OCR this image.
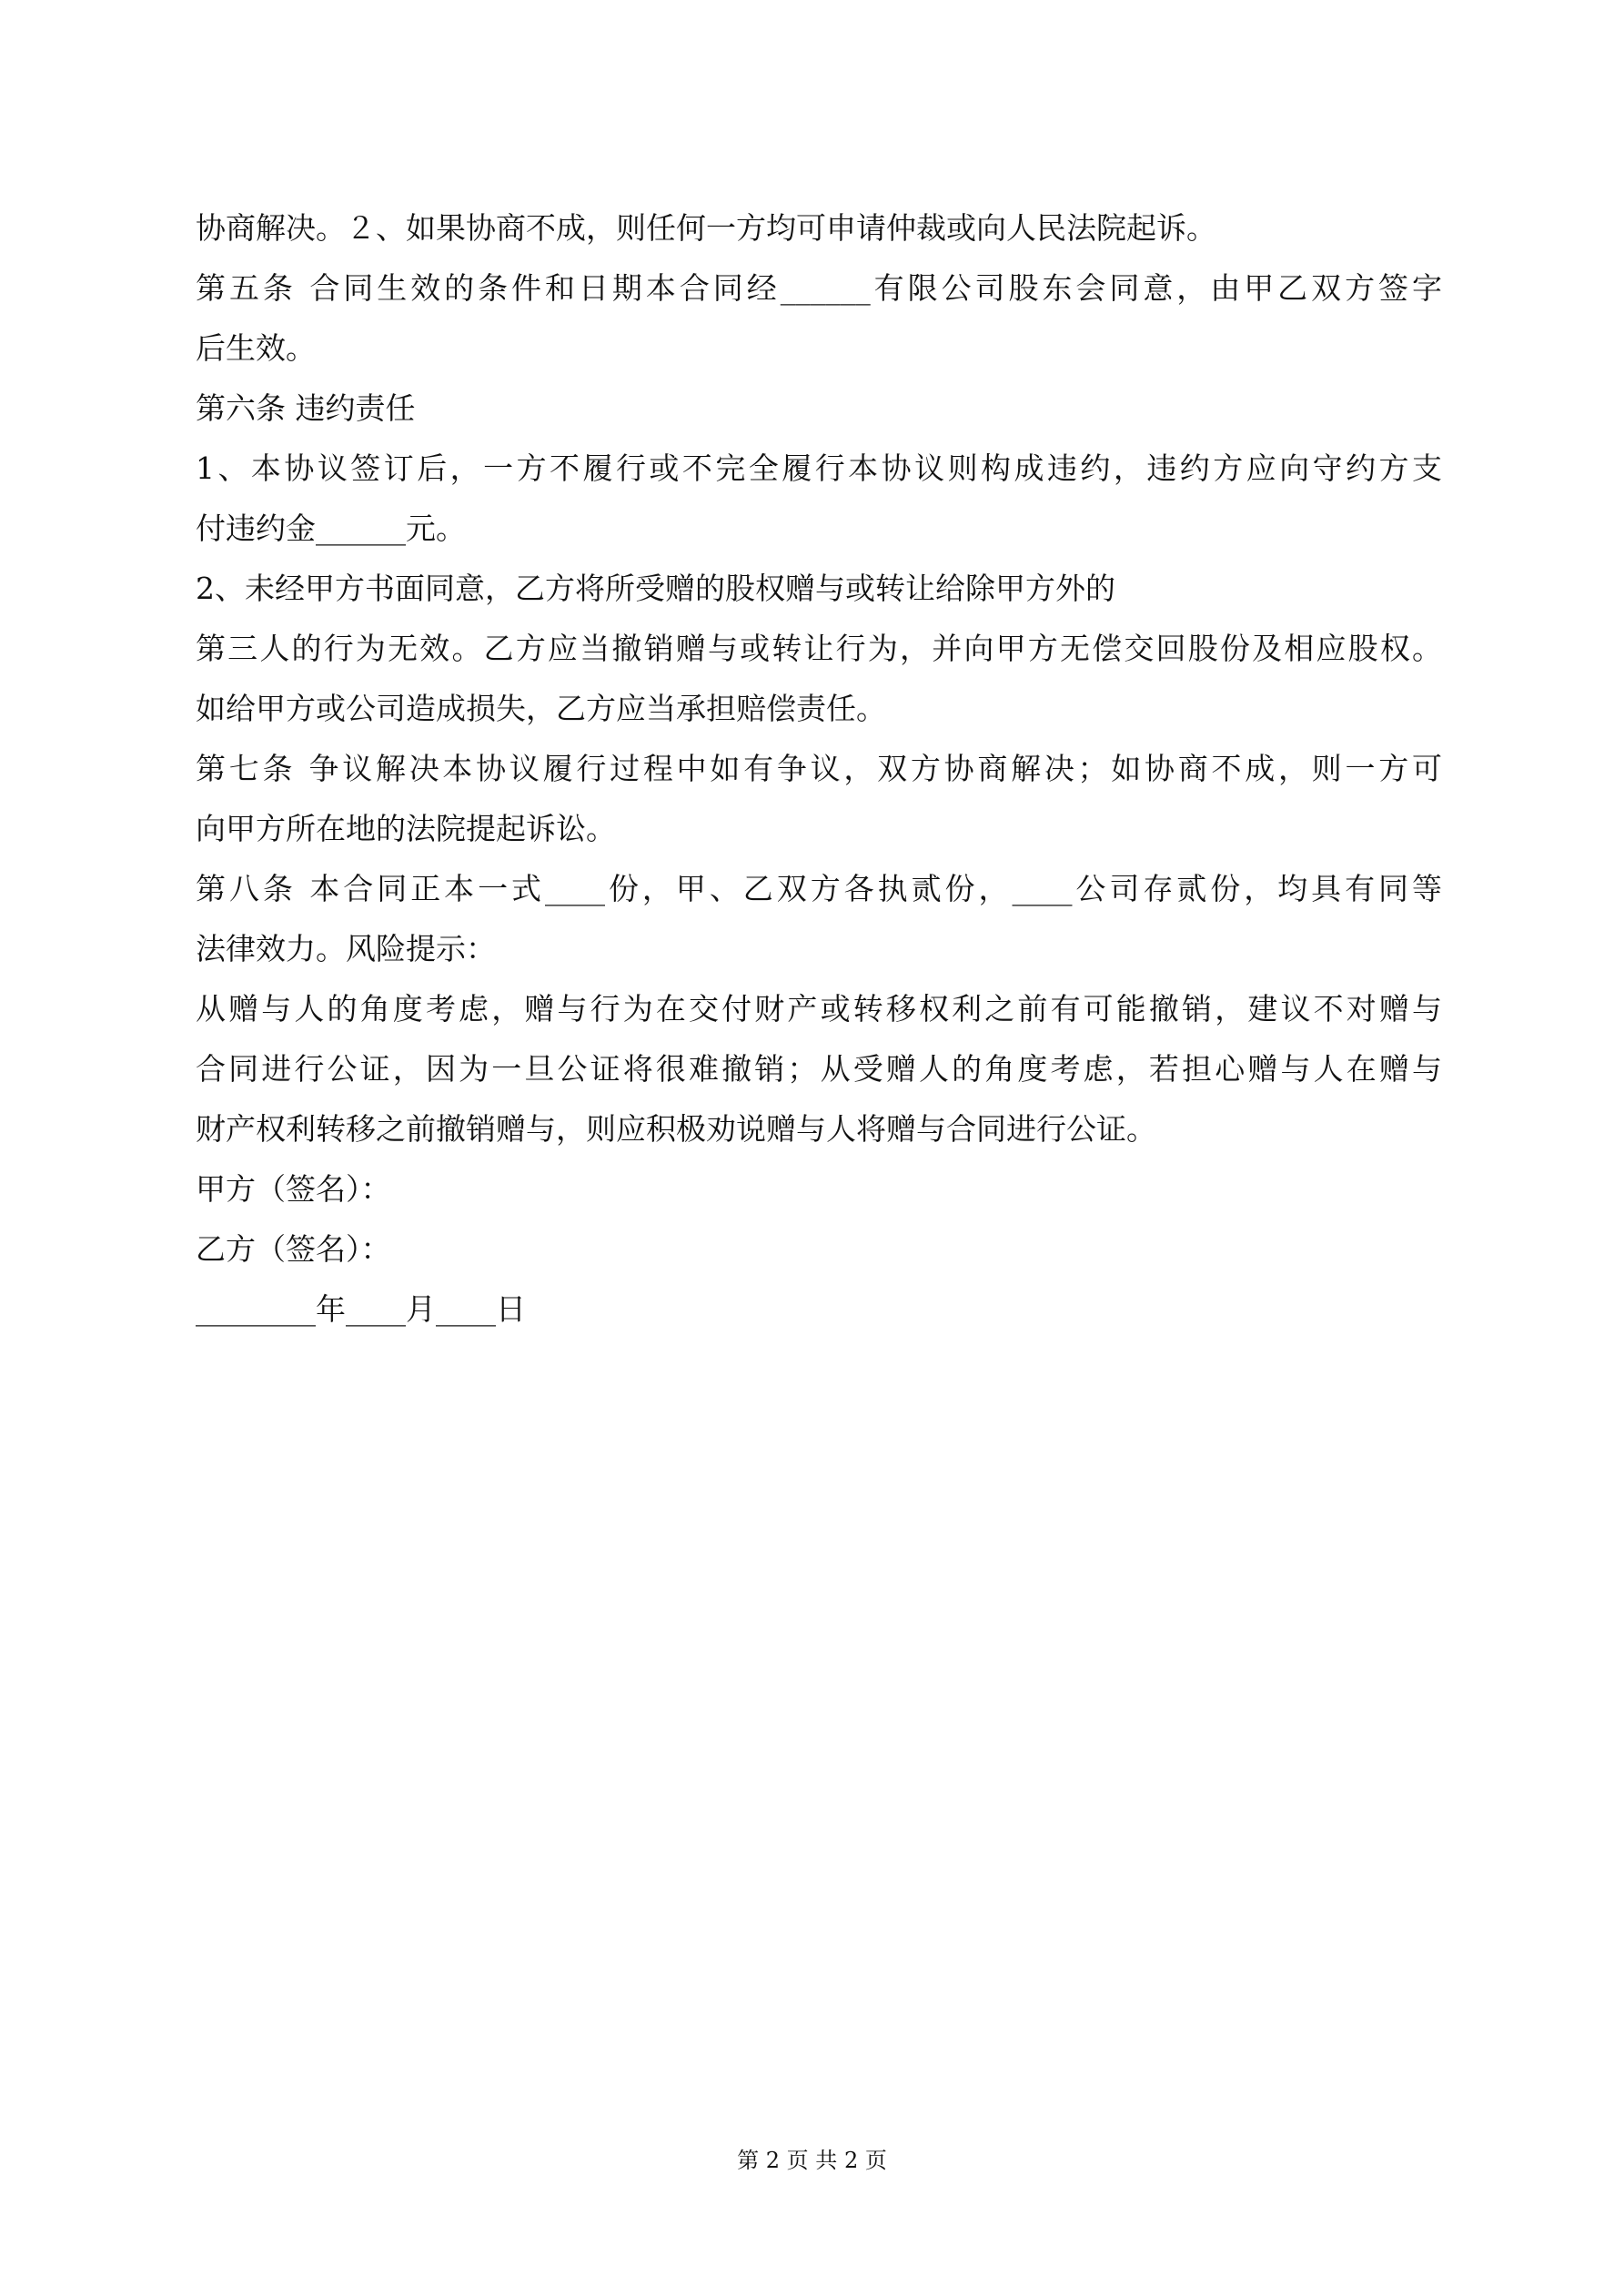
协商解决。２、如果协商不成，则任何一方均可申请仲裁或向人民法院起诉。
第五条 合同生效的条件和日期本合同经______有限公司股东会同意，由甲乙双方签字
后生效。
第六条 违约责任
1、本协议签订后，一方不履行或不完全履行本协议则构成违约，违约方应向守约方支
付违约金______元。
2、未经甲方书面同意，乙方将所受赠的股权赠与或转让给除甲方外的
第三人的行为无效。乙方应当撤销赠与或转让行为，并向甲方无偿交回股份及相应股权。
如给甲方或公司造成损失，乙方应当承担赔偿责任。
第七条 争议解决本协议履行过程中如有争议，双方协商解决；如协商不成，则一方可
向甲方所在地的法院提起诉讼。
第八条 本合同正本一式____份，甲、乙双方各执贰份，____公司存贰份，均具有同等
法律效力。风险提示：
从赠与人的角度考虑，赠与行为在交付财产或转移权利之前有可能撤销，建议不对赠与
合同进行公证，因为一旦公证将很难撤销；从受赠人的角度考虑，若担心赠与人在赠与
财产权利转移之前撤销赠与，则应积极劝说赠与人将赠与合同进行公证。
甲方（签名）：
乙方（签名）：
________年____月____日
第 2 页 共 2 页
